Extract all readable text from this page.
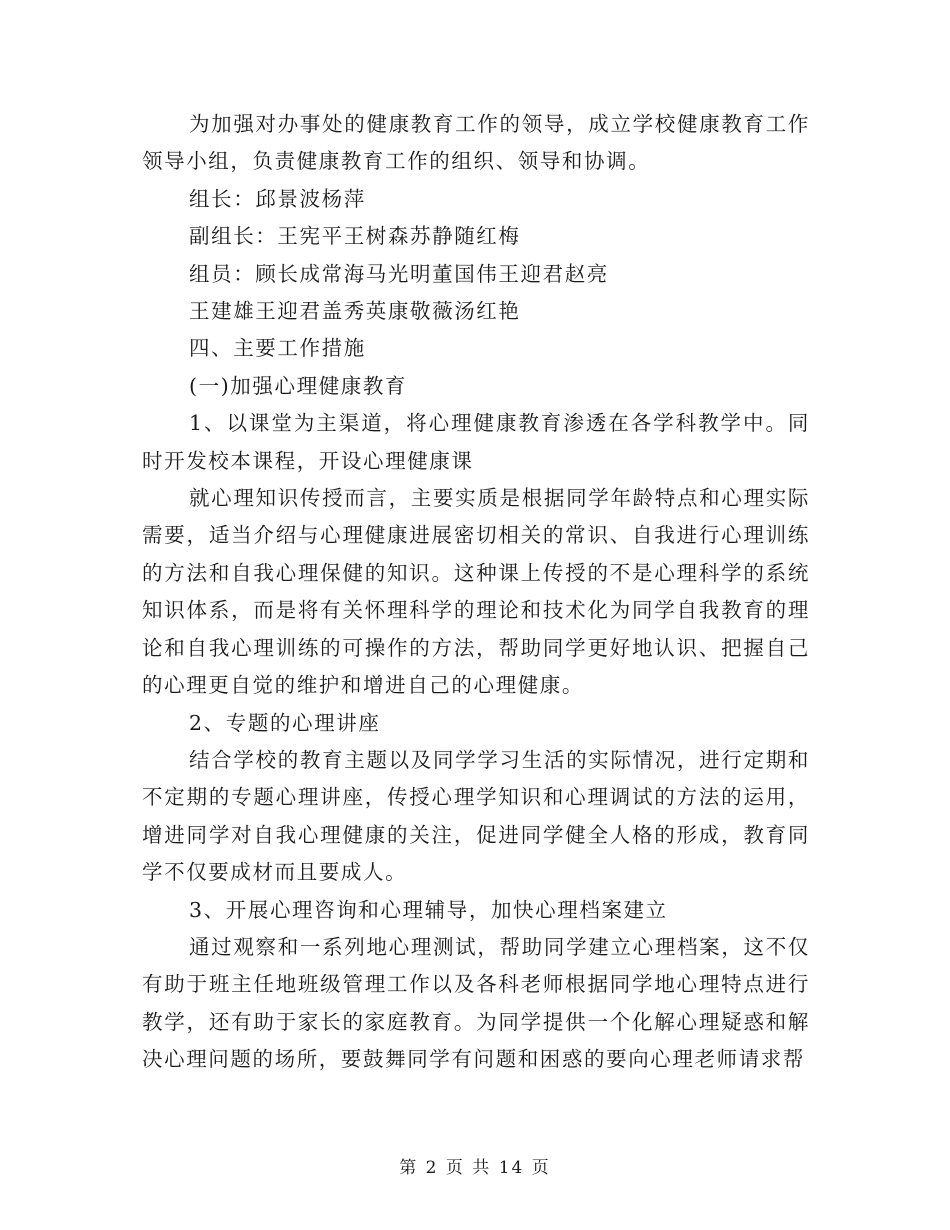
为加强对办事处的健康教育工作的领导，成立学校健康教育工作领导小组，负责健康教育工作的组织、领导和协调。

组长：邱景波杨萍

副组长：王宪平王树森苏静随红梅

组员：顾长成常海马光明董国伟王迎君赵亮

王建雄王迎君盖秀英康敬薇汤红艳

四、主要工作措施

(一)加强心理健康教育

1、以课堂为主渠道，将心理健康教育渗透在各学科教学中。同时开发校本课程，开设心理健康课

就心理知识传授而言，主要实质是根据同学年龄特点和心理实际需要，适当介绍与心理健康进展密切相关的常识、自我进行心理训练的方法和自我心理保健的知识。这种课上传授的不是心理科学的系统知识体系，而是将有关怀理科学的理论和技术化为同学自我教育的理论和自我心理训练的可操作的方法，帮助同学更好地认识、把握自己的心理更自觉的维护和增进自己的心理健康。

2、专题的心理讲座

结合学校的教育主题以及同学学习生活的实际情况，进行定期和不定期的专题心理讲座，传授心理学知识和心理调试的方法的运用，增进同学对自我心理健康的关注，促进同学健全人格的形成，教育同学不仅要成材而且要成人。

3、开展心理咨询和心理辅导，加快心理档案建立

通过观察和一系列地心理测试，帮助同学建立心理档案，这不仅有助于班主任地班级管理工作以及各科老师根据同学地心理特点进行教学，还有助于家长的家庭教育。为同学提供一个化解心理疑惑和解决心理问题的场所，要鼓舞同学有问题和困惑的要向心理老师请求帮

第 2 页 共 14 页
